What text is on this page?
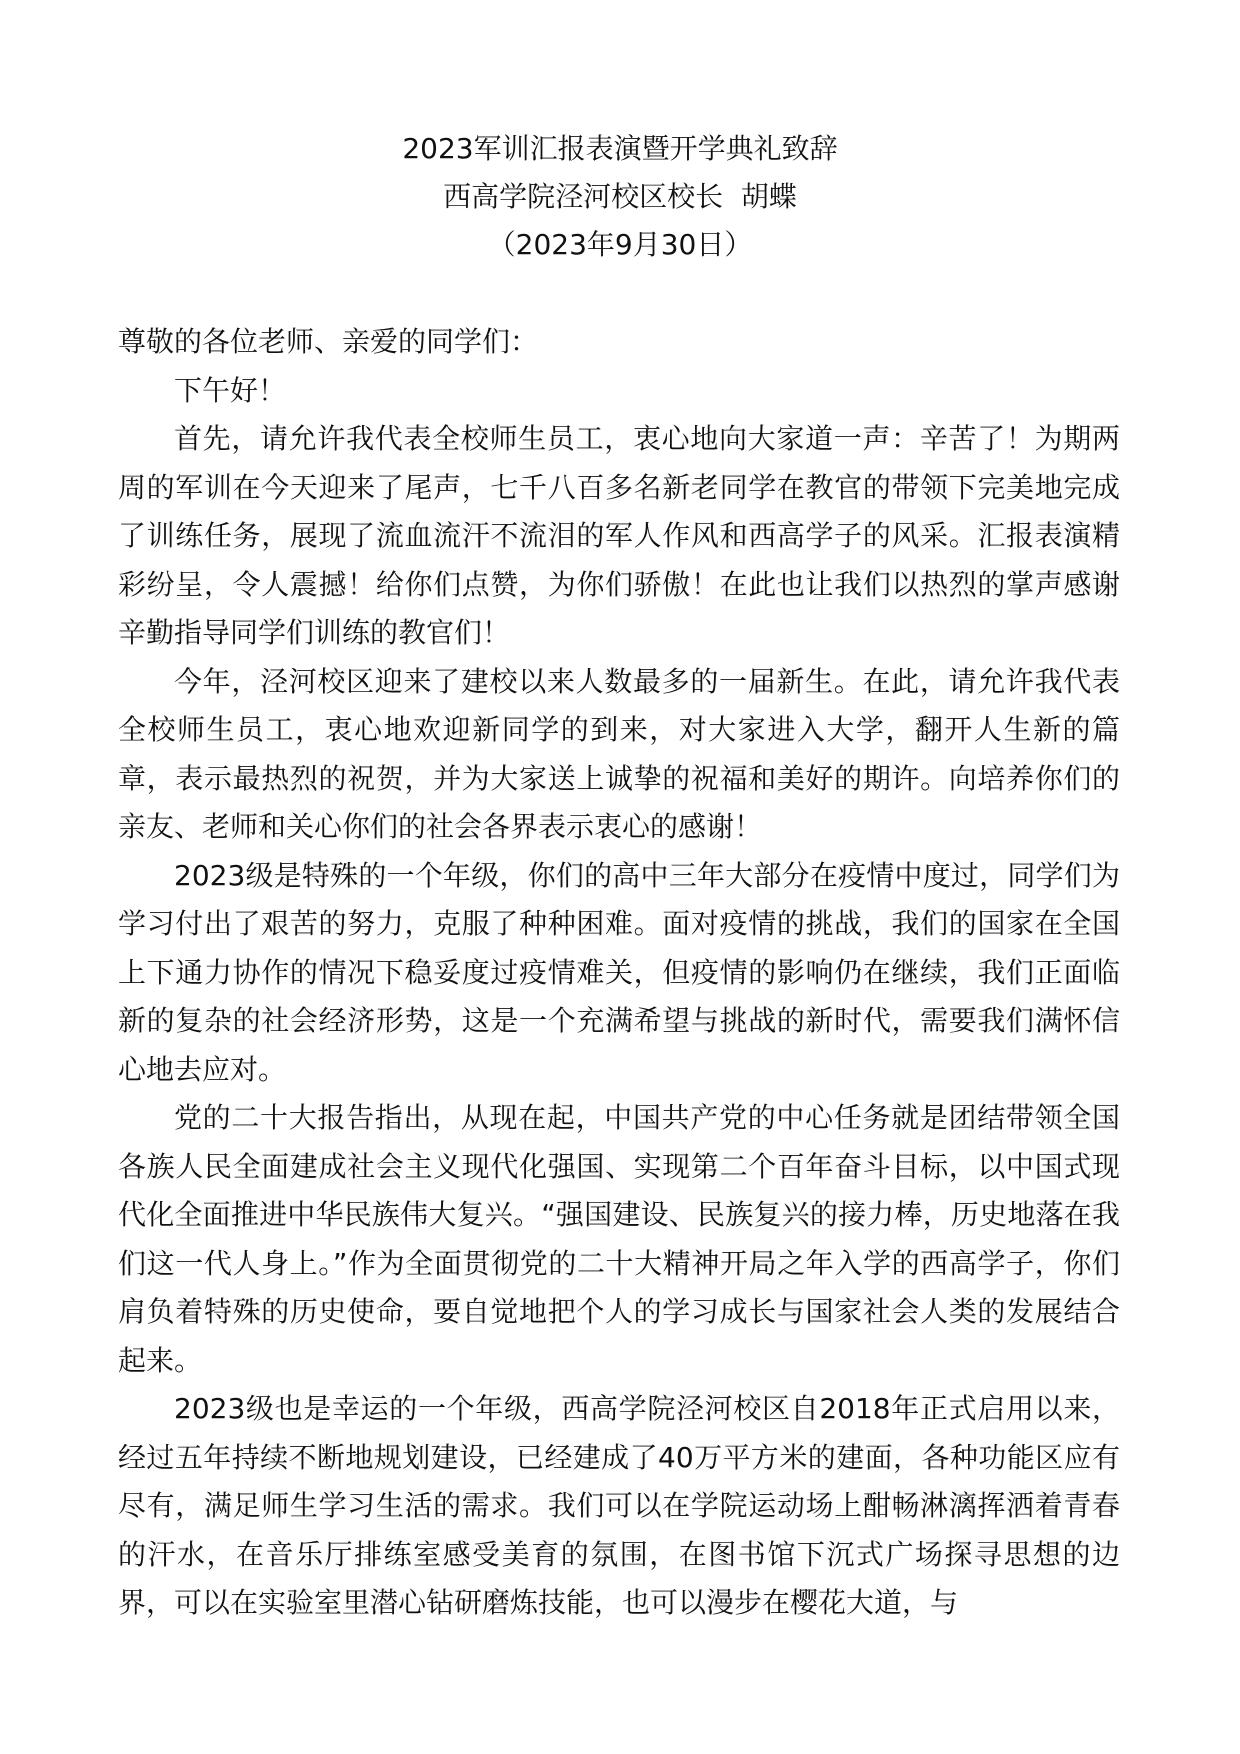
2023军训汇报表演暨开学典礼致辞
西高学院泾河校区校长  胡蝶
（2023年9月30日）

尊敬的各位老师、亲爱的同学们：

下午好！

首先，请允许我代表全校师生员工，衷心地向大家道一声：辛苦了！为期两周的军训在今天迎来了尾声，七千八百多名新老同学在教官的带领下完美地完成了训练任务，展现了流血流汗不流泪的军人作风和西高学子的风采。汇报表演精彩纷呈，令人震撼！给你们点赞，为你们骄傲！在此也让我们以热烈的掌声感谢辛勤指导同学们训练的教官们！

今年，泾河校区迎来了建校以来人数最多的一届新生。在此，请允许我代表全校师生员工，衷心地欢迎新同学的到来，对大家进入大学，翻开人生新的篇章，表示最热烈的祝贺，并为大家送上诚挚的祝福和美好的期许。向培养你们的亲友、老师和关心你们的社会各界表示衷心的感谢！

2023级是特殊的一个年级，你们的高中三年大部分在疫情中度过，同学们为学习付出了艰苦的努力，克服了种种困难。面对疫情的挑战，我们的国家在全国上下通力协作的情况下稳妥度过疫情难关，但疫情的影响仍在继续，我们正面临新的复杂的社会经济形势，这是一个充满希望与挑战的新时代，需要我们满怀信心地去应对。

党的二十大报告指出，从现在起，中国共产党的中心任务就是团结带领全国各族人民全面建成社会主义现代化强国、实现第二个百年奋斗目标，以中国式现代化全面推进中华民族伟大复兴。“强国建设、民族复兴的接力棒，历史地落在我们这一代人身上。”作为全面贯彻党的二十大精神开局之年入学的西高学子，你们肩负着特殊的历史使命，要自觉地把个人的学习成长与国家社会人类的发展结合起来。

2023级也是幸运的一个年级，西高学院泾河校区自2018年正式启用以来，经过五年持续不断地规划建设，已经建成了40万平方米的建面，各种功能区应有尽有，满足师生学习生活的需求。我们可以在学院运动场上酣畅淋漓挥洒着青春的汗水，在音乐厅排练室感受美育的氛围，在图书馆下沉式广场探寻思想的边界，可以在实验室里潜心钻研磨炼技能，也可以漫步在樱花大道，与
